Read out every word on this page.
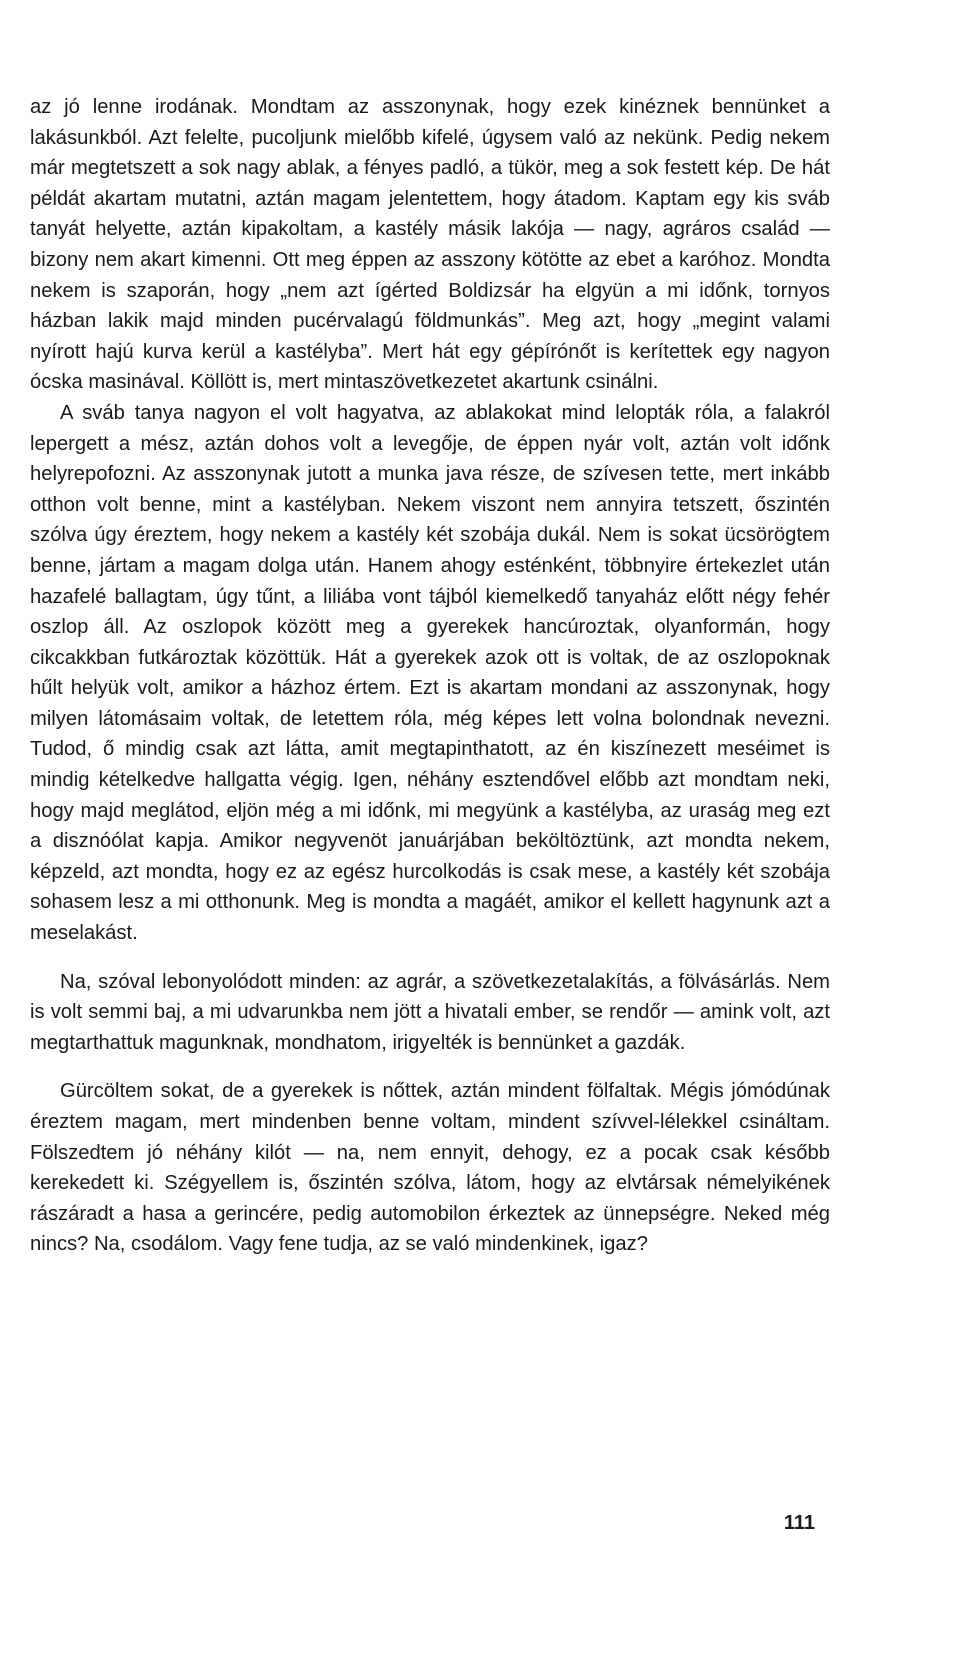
az jó lenne irodának. Mondtam az asszonynak, hogy ezek kinéznek bennünket a lakásunkból. Azt felelte, pucoljunk mielőbb kifelé, úgysem való az nekünk. Pedig nekem már megtetszett a sok nagy ablak, a fényes padló, a tükör, meg a sok festett kép. De hát példát akartam mutatni, aztán magam jelentettem, hogy átadom. Kaptam egy kis sváb tanyát helyette, aztán kipakoltam, a kastély másik lakója — nagy, agráros család — bizony nem akart kimenni. Ott meg éppen az asszony kötötte az ebet a karóhoz. Mondta nekem is szaporán, hogy „nem azt ígérted Boldizsár ha elgyün a mi időnk, tornyos házban lakik majd minden pucérvalagú földmunkás”. Meg azt, hogy „megint valami nyírott hajú kurva kerül a kastélyba”. Mert hát egy gépírónőt is kerítettek egy nagyon ócska masinával. Köllött is, mert mintaszövetkezetet akartunk csinálni.

A sváb tanya nagyon el volt hagyatva, az ablakokat mind lelopták róla, a falakról lepergett a mész, aztán dohos volt a levegője, de éppen nyár volt, aztán volt időnk helyrepofozni. Az asszonynak jutott a munka java része, de szívesen tette, mert inkább otthon volt benne, mint a kastélyban. Nekem viszont nem annyira tetszett, őszintén szólva úgy éreztem, hogy nekem a kastély két szobája dukál. Nem is sokat ücsörögtem benne, jártam a magam dolga után. Hanem ahogy esténként, többnyire értekezlet után hazafelé ballagtam, úgy tűnt, a liliába vont tájból kiemelkedő tanyaház előtt négy fehér oszlop áll. Az oszlopok között meg a gyerekek hancúroztak, olyanformán, hogy cikcakkban futkároztak közöttük. Hát a gyerekek azok ott is voltak, de az oszlopoknak hűlt helyük volt, amikor a házhoz értem. Ezt is akartam mondani az asszonynak, hogy milyen látomásaim voltak, de letettem róla, még képes lett volna bolondnak nevezni. Tudod, ő mindig csak azt látta, amit megtapinthatott, az én kiszínezett meséimet is mindig kételkedve hallgatta végig. Igen, néhány esztendővel előbb azt mondtam neki, hogy majd meglátod, eljön még a mi időnk, mi megyünk a kastélyba, az uraság meg ezt a disznóólat kapja. Amikor negyvenöt januárjában beköltöztünk, azt mondta nekem, képzeld, azt mondta, hogy ez az egész hurcolkodás is csak mese, a kastély két szobája sohasem lesz a mi otthonunk. Meg is mondta a magáét, amikor el kellett hagynunk azt a meselakást.

Na, szóval lebonyolódott minden: az agrár, a szövetkezetalakítás, a fölvásárlás. Nem is volt semmi baj, a mi udvarunkba nem jött a hivatali ember, se rendőr — amink volt, azt megtarthattuk magunknak, mondhatom, irigyelték is bennünket a gazdák.

Gürcöltem sokat, de a gyerekek is nőttek, aztán mindent fölfaltak. Mégis jómódúnak éreztem magam, mert mindenben benne voltam, mindent szívvel-lélekkel csináltam. Fölszedtem jó néhány kilót — na, nem ennyit, dehogy, ez a pocak csak később kerekedett ki. Szégyellem is, őszintén szólva, látom, hogy az elvtársak némelyikének rászáradt a hasa a gerincére, pedig automobilon érkeztek az ünnepségre. Neked még nincs? Na, csodálom. Vagy fene tudja, az se való mindenkinek, igaz?

111
